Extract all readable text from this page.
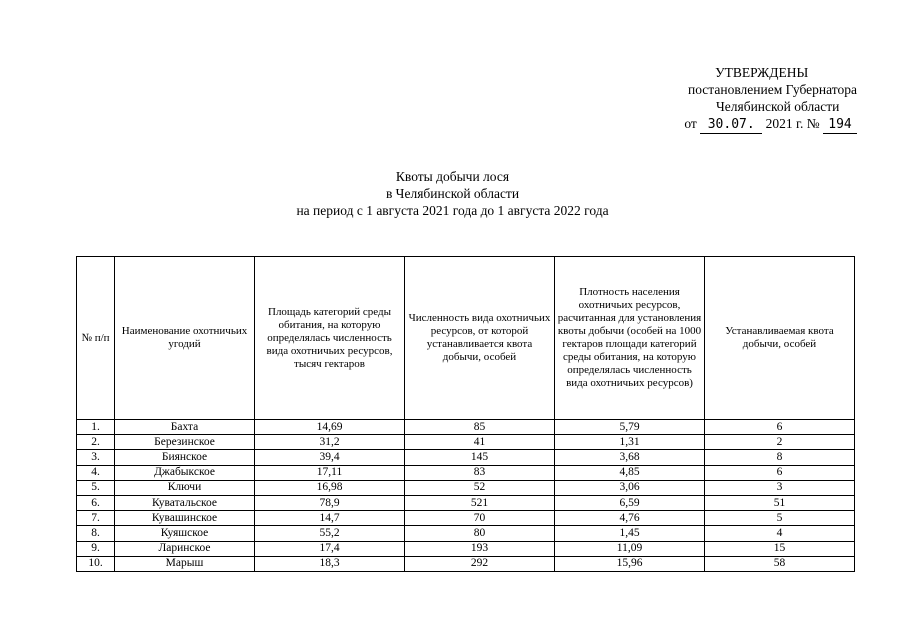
УТВЕРЖДЕНЫ
постановлением Губернатора
Челябинской области
от 30.07. 2021 г. № 194
Квоты добычи лося
в Челябинской области
на период с 1 августа 2021 года до 1 августа 2022 года
№ п/п	Наименование охотничьих угодий	Площадь категорий среды обитания, на которую определялась численность вида охотничьих ресурсов, тысяч гектаров	Численность вида охотничьих ресурсов, от которой устанавливается квота добычи, особей	Плотность населения охотничьих ресурсов, расчитанная для установления квоты добычи (особей на 1000 гектаров площади категорий среды обитания, на которую определялась численность вида охотничьих ресурсов)	Устанавливаемая квота добычи, особей
1.	Бахта	14,69	85	5,79	6
2.	Березинское	31,2	41	1,31	2
3.	Биянское	39,4	145	3,68	8
4.	Джабыкское	17,11	83	4,85	6
5.	Ключи	16,98	52	3,06	3
6.	Куватальское	78,9	521	6,59	51
7.	Кувашинское	14,7	70	4,76	5
8.	Куяшское	55,2	80	1,45	4
9.	Ларинское	17,4	193	11,09	15
10.	Марыш	18,3	292	15,96	58
